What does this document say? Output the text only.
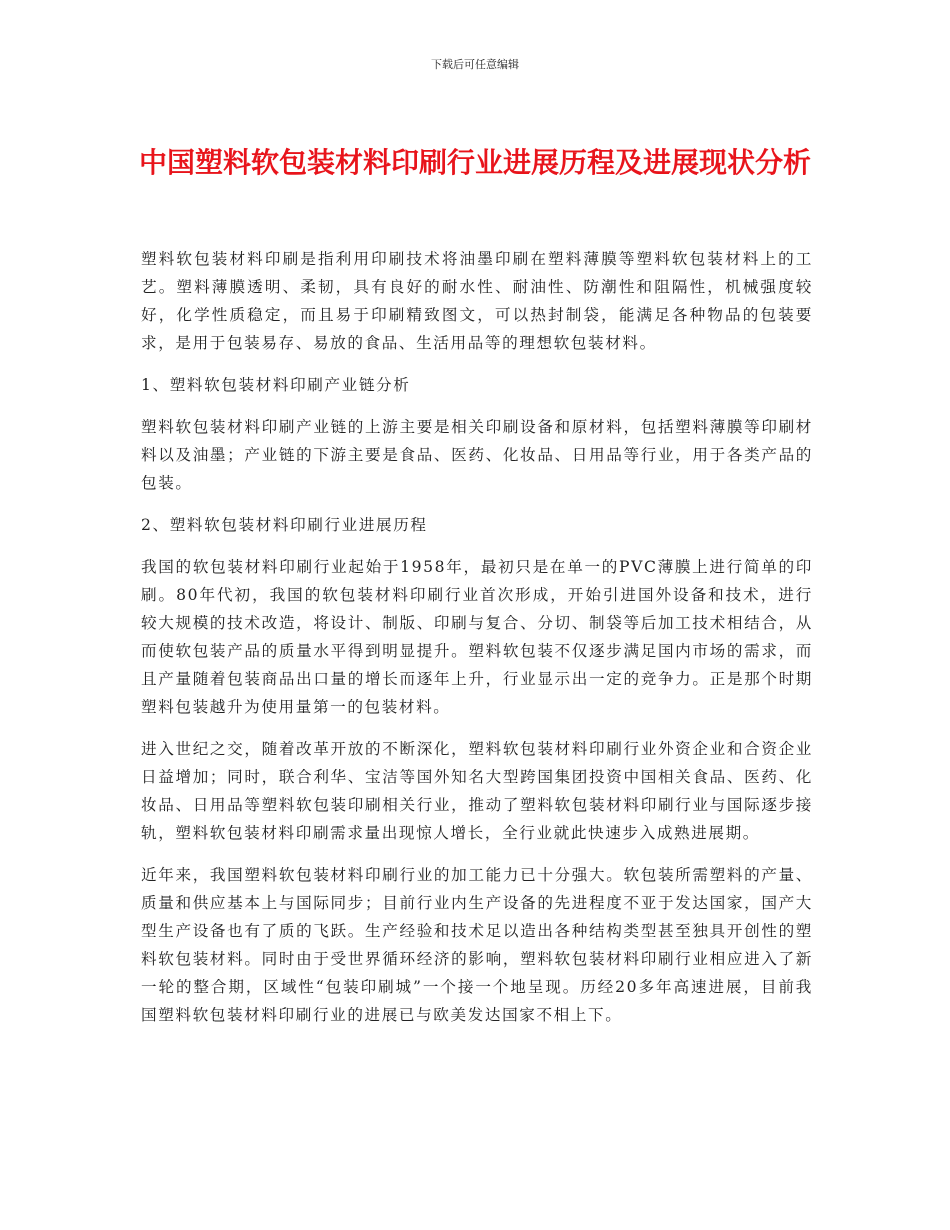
下载后可任意编辑
中国塑料软包装材料印刷行业进展历程及进展现状分析

塑料软包装材料印刷是指利用印刷技术将油墨印刷在塑料薄膜等塑料软包装材料上的工艺。塑料薄膜透明、柔韧，具有良好的耐水性、耐油性、防潮性和阻隔性，机械强度较好，化学性质稳定，而且易于印刷精致图文，可以热封制袋，能满足各种物品的包装要求，是用于包装易存、易放的食品、生活用品等的理想软包装材料。

1、塑料软包装材料印刷产业链分析

塑料软包装材料印刷产业链的上游主要是相关印刷设备和原材料，包括塑料薄膜等印刷材料以及油墨；产业链的下游主要是食品、医药、化妆品、日用品等行业，用于各类产品的包装。

2、塑料软包装材料印刷行业进展历程

我国的软包装材料印刷行业起始于1958年，最初只是在单一的PVC薄膜上进行简单的印刷。80年代初，我国的软包装材料印刷行业首次形成，开始引进国外设备和技术，进行较大规模的技术改造，将设计、制版、印刷与复合、分切、制袋等后加工技术相结合，从而使软包装产品的质量水平得到明显提升。塑料软包装不仅逐步满足国内市场的需求，而且产量随着包装商品出口量的增长而逐年上升，行业显示出一定的竞争力。正是那个时期塑料包装越升为使用量第一的包装材料。

进入世纪之交，随着改革开放的不断深化，塑料软包装材料印刷行业外资企业和合资企业日益增加；同时，联合利华、宝洁等国外知名大型跨国集团投资中国相关食品、医药、化妆品、日用品等塑料软包装印刷相关行业，推动了塑料软包装材料印刷行业与国际逐步接轨，塑料软包装材料印刷需求量出现惊人增长，全行业就此快速步入成熟进展期。

近年来，我国塑料软包装材料印刷行业的加工能力已十分强大。软包装所需塑料的产量、质量和供应基本上与国际同步；目前行业内生产设备的先进程度不亚于发达国家，国产大型生产设备也有了质的飞跃。生产经验和技术足以造出各种结构类型甚至独具开创性的塑料软包装材料。同时由于受世界循环经济的影响，塑料软包装材料印刷行业相应进入了新一轮的整合期，区域性“包装印刷城”一个接一个地呈现。历经20多年高速进展，目前我国塑料软包装材料印刷行业的进展已与欧美发达国家不相上下。
